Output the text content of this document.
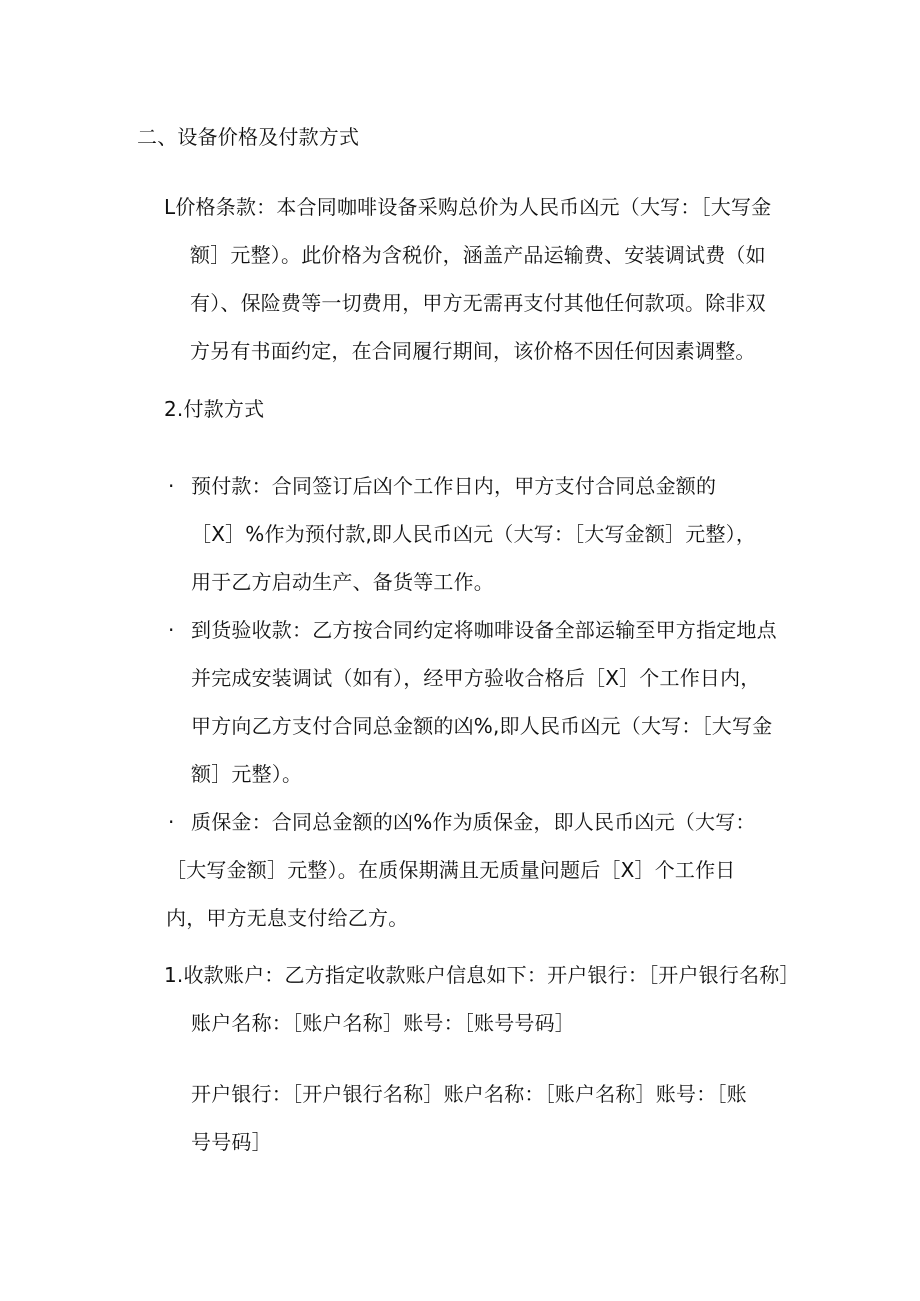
二、设备价格及付款方式
L价格条款：本合同咖啡设备采购总价为人民币凶元（大写：［大写金
额］元整）。此价格为含税价，涵盖产品运输费、安装调试费（如
有）、保险费等一切费用，甲方无需再支付其他任何款项。除非双
方另有书面约定，在合同履行期间，该价格不因任何因素调整。
2.付款方式
· 预付款：合同签订后凶个工作日内，甲方支付合同总金额的
［X］%作为预付款,即人民币凶元（大写：［大写金额］元整），
用于乙方启动生产、备货等工作。
· 到货验收款：乙方按合同约定将咖啡设备全部运输至甲方指定地点
并完成安装调试（如有），经甲方验收合格后［X］个工作日内，
甲方向乙方支付合同总金额的凶%,即人民币凶元（大写：［大写金
额］元整）。
· 质保金：合同总金额的凶%作为质保金，即人民币凶元（大写：
［大写金额］元整）。在质保期满且无质量问题后［X］个工作日
内，甲方无息支付给乙方。
1.收款账户：乙方指定收款账户信息如下：开户银行：［开户银行名称］
账户名称：［账户名称］账号：［账号号码］
开户银行：［开户银行名称］账户名称：［账户名称］账号：［账
号号码］
